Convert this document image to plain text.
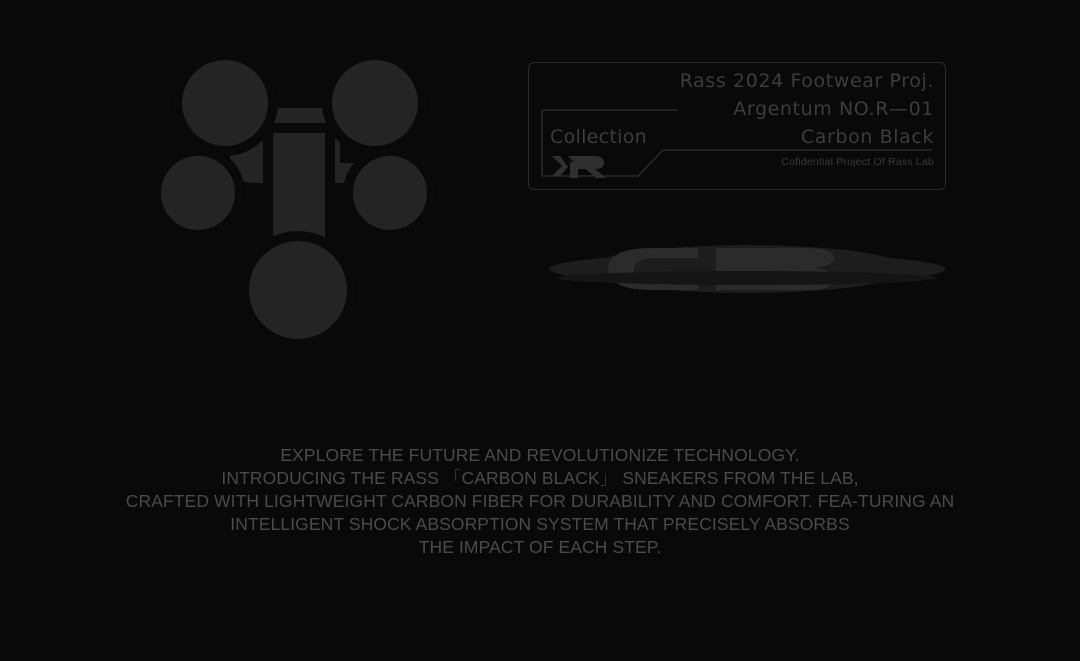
Rass 2024 Footwear Proj.
Argentum NO.R—01
Carbon Black
Collection
Cofidential Project Of Rass Lab
EXPLORE THE FUTURE AND REVOLUTIONIZE TECHNOLOGY.
INTRODUCING THE RASS 「CARBON BLACK」 SNEAKERS FROM THE LAB,
CRAFTED WITH LIGHTWEIGHT CARBON FIBER FOR DURABILITY AND COMFORT. FEA-TURING AN INTELLIGENT SHOCK ABSORPTION SYSTEM THAT PRECISELY ABSORBS
THE IMPACT OF EACH STEP.
